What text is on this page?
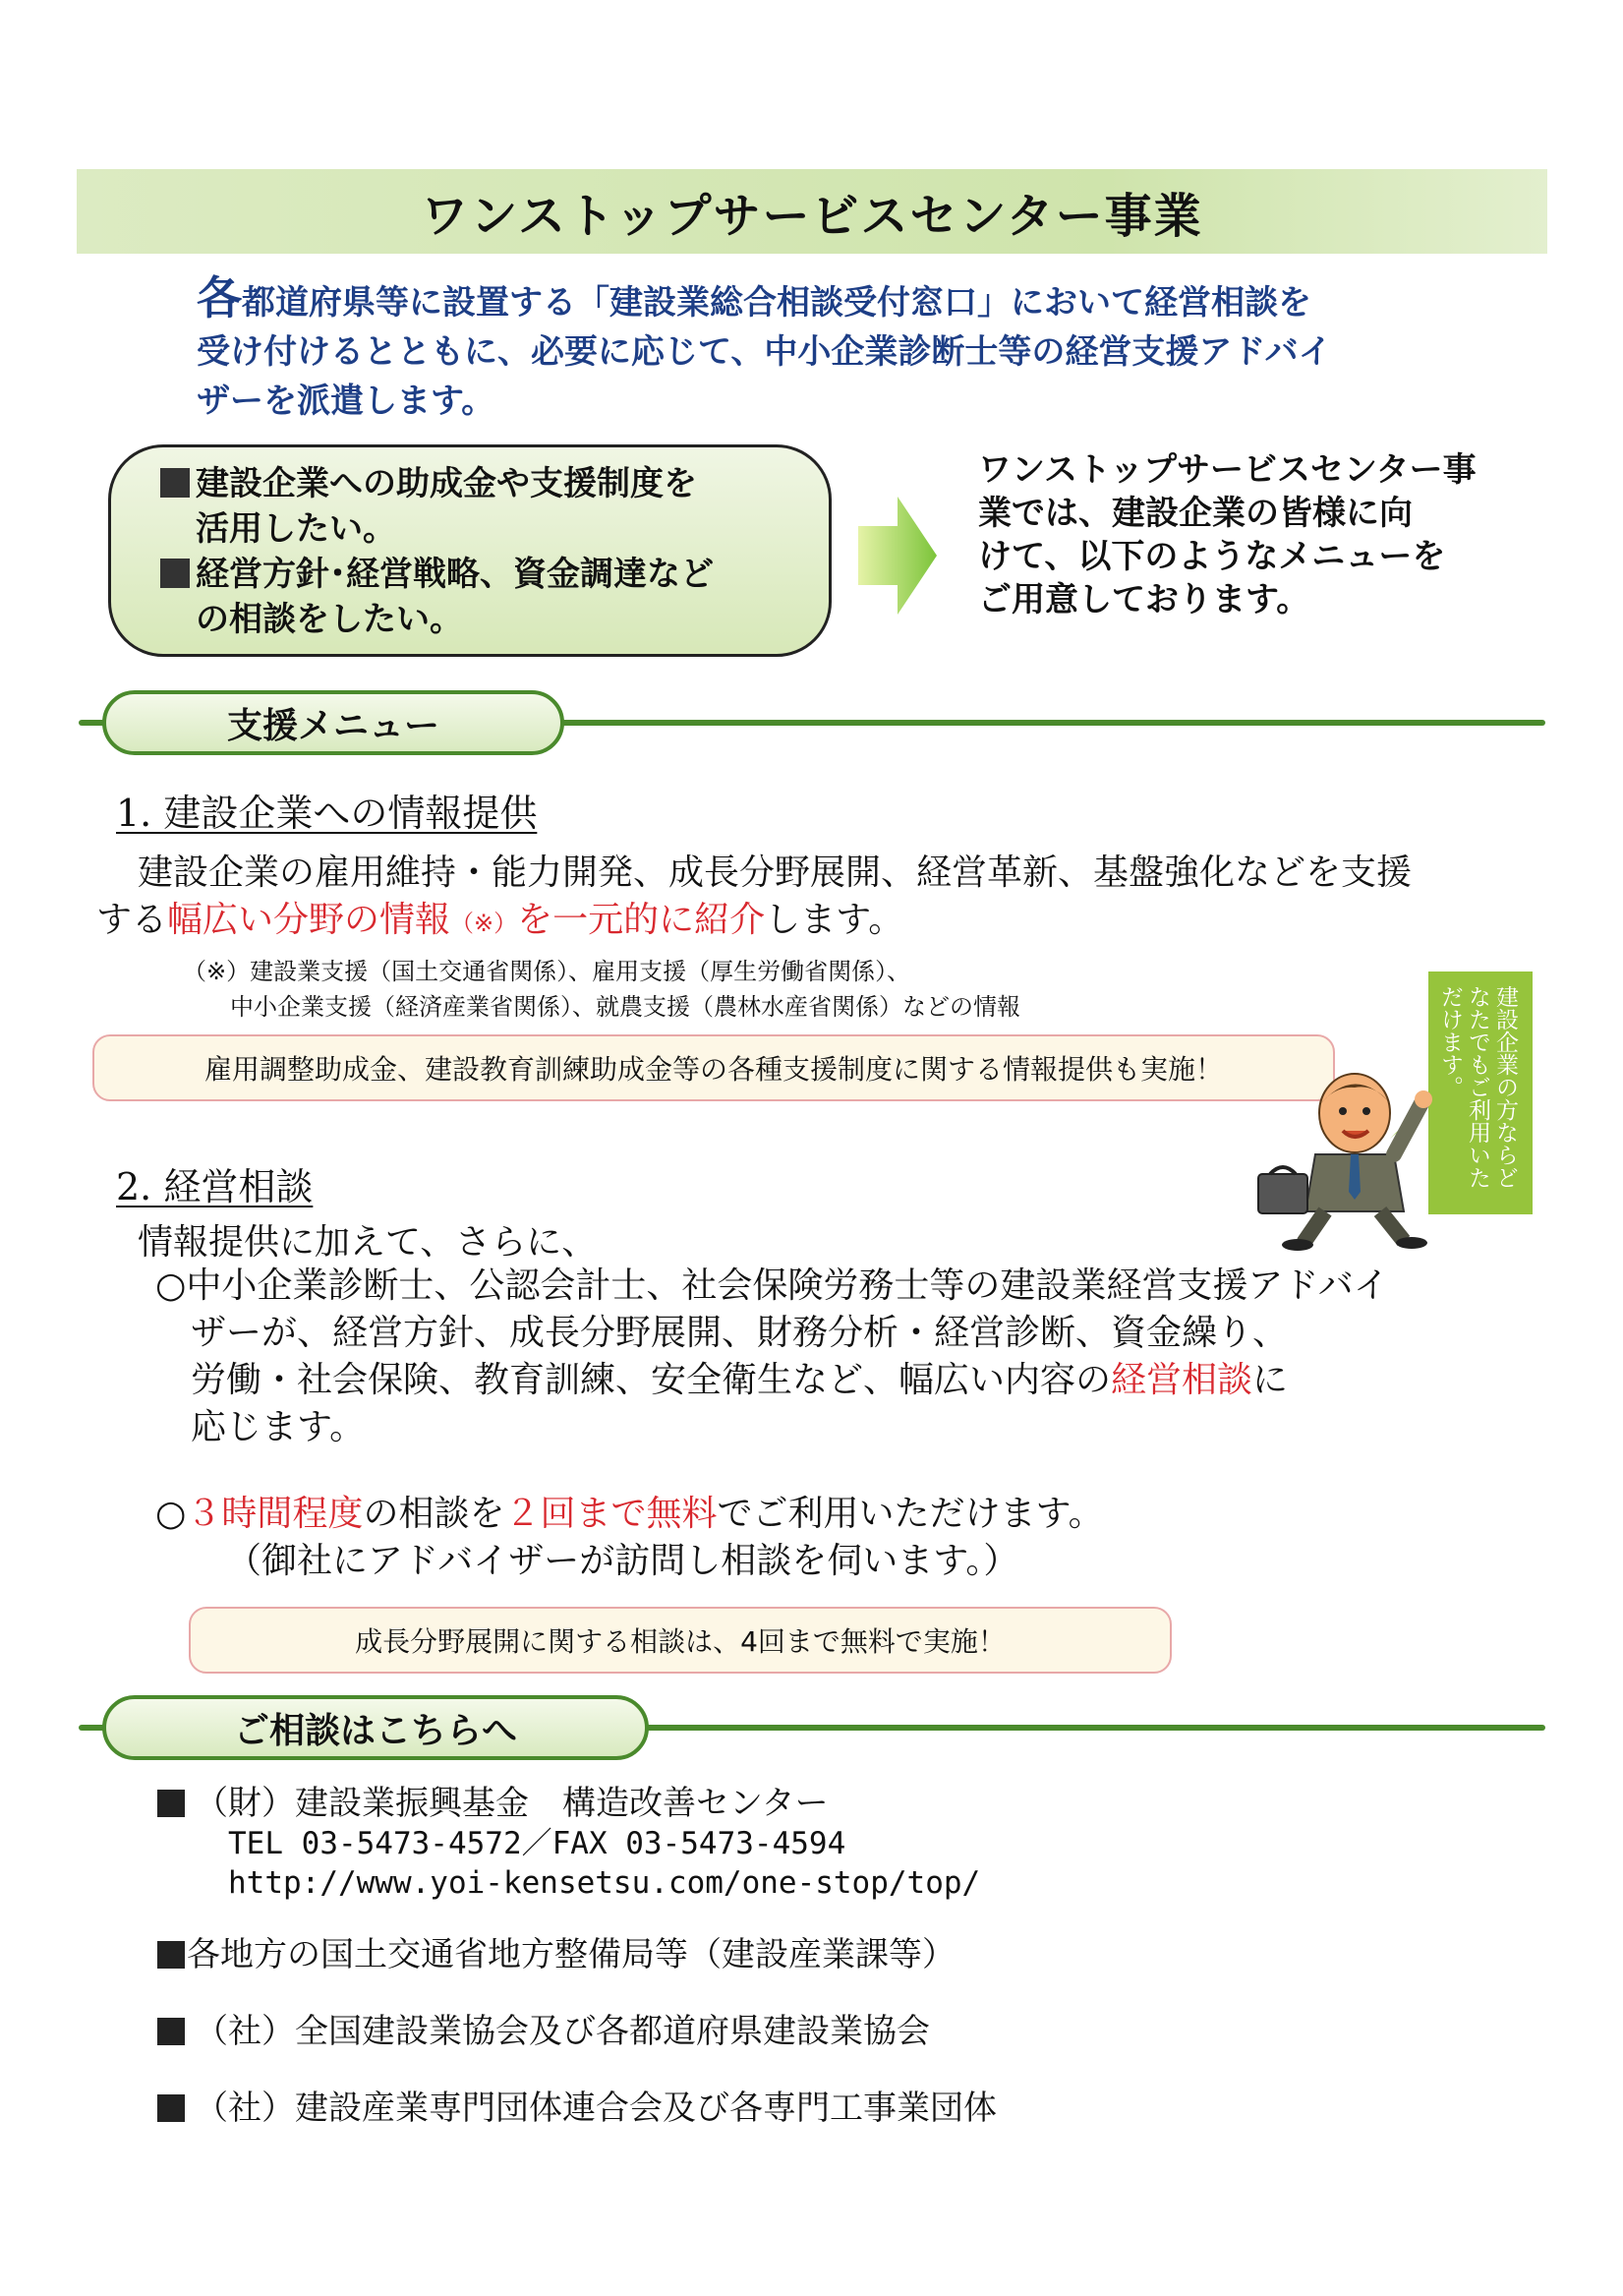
ワンストップサービスセンター事業

各都道府県等に設置する「建設業総合相談受付窓口」において経営相談を

受け付けるとともに、必要に応じて、中小企業診断士等の経営支援アドバイ

ザーを派遣します。

建設企業への助成金や支援制度を
活用したい。
経営方針･経営戦略、資金調達など
の相談をしたい。
ワンストップサービスセンター事
業では、建設企業の皆様に向
けて、以下のようなメニューを
ご用意しております。
支援メニュー
1. 建設企業への情報提供
建設企業の雇用維持・能力開発、成長分野展開、経営革新、基盤強化などを支援
する幅広い分野の情報（※）を一元的に紹介します。
（※）建設業支援（国土交通省関係）、雇用支援（厚生労働省関係）、
　　中小企業支援（経済産業省関係）、就農支援（農林水産省関係）などの情報
雇用調整助成金、建設教育訓練助成金等の各種支援制度に関する情報提供も実施！	建設企業の方ならどなたでもご利用いただけます。
2. 経営相談
情報提供に加えて、さらに、
○中小企業診断士、公認会計士、社会保険労務士等の建設業経営支援アドバイ
ザーが、経営方針、成長分野展開、財務分析・経営診断、資金繰り、
労働・社会保険、教育訓練、安全衛生など、幅広い内容の経営相談に
応じます。
○３時間程度の相談を２回まで無料でご利用いただけます。
（御社にアドバイザーが訪問し相談を伺います。）
成長分野展開に関する相談は、4回まで無料で実施！
ご相談はこちらへ
（財）建設業振興基金　構造改善センター
TEL 03-5473-4572／FAX 03-5473-4594
http://www.yoi-kensetsu.com/one-stop/top/
各地方の国土交通省地方整備局等（建設産業課等）
（社）全国建設業協会及び各都道府県建設業協会
（社）建設産業専門団体連合会及び各専門工事業団体
